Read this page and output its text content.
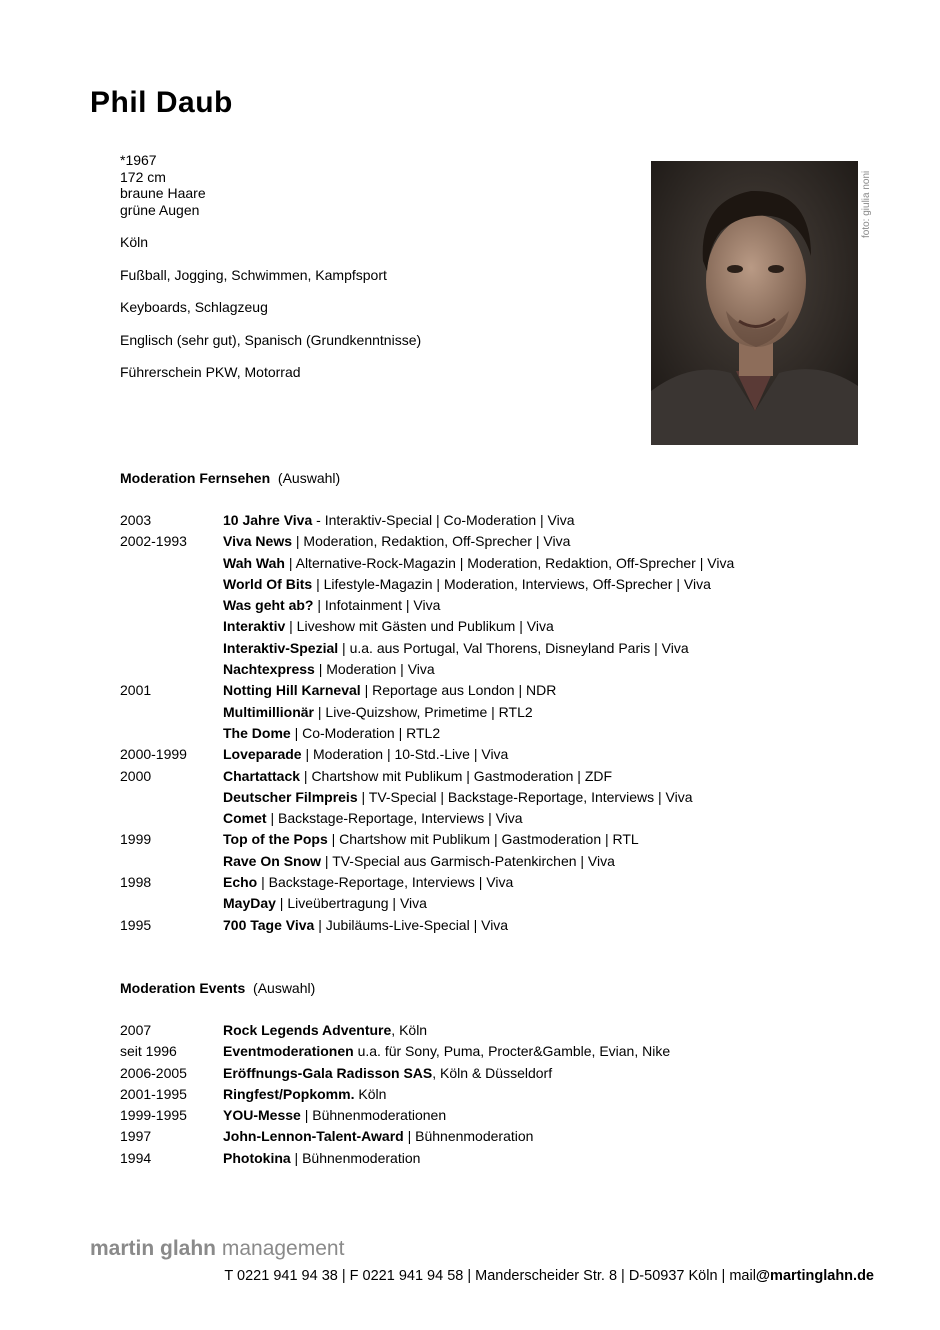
Phil Daub
*1967
172 cm
braune Haare
grüne Augen
Köln
Fußball, Jogging, Schwimmen, Kampfsport
Keyboards, Schlagzeug
Englisch (sehr gut), Spanisch (Grundkenntnisse)
Führerschein PKW, Motorrad
foto: giulia noni
Moderation Fernsehen (Auswahl)
2003	10 Jahre Viva - Interaktiv-Special | Co-Moderation | Viva
2002-1993	Viva News | Moderation, Redaktion, Off-Sprecher | Viva
Wah Wah | Alternative-Rock-Magazin | Moderation, Redaktion, Off-Sprecher | Viva
World Of Bits | Lifestyle-Magazin | Moderation, Interviews, Off-Sprecher | Viva
Was geht ab? | Infotainment | Viva
Interaktiv | Liveshow mit Gästen und Publikum | Viva
Interaktiv-Spezial | u.a. aus Portugal, Val Thorens, Disneyland Paris | Viva
Nachtexpress | Moderation | Viva
2001	Notting Hill Karneval | Reportage aus London | NDR
Multimillionär | Live-Quizshow, Primetime | RTL2
The Dome | Co-Moderation | RTL2
2000-1999	Loveparade | Moderation | 10-Std.-Live | Viva
2000	Chartattack | Chartshow mit Publikum | Gastmoderation | ZDF
Deutscher Filmpreis | TV-Special | Backstage-Reportage, Interviews | Viva
Comet | Backstage-Reportage, Interviews | Viva
1999	Top of the Pops | Chartshow mit Publikum | Gastmoderation | RTL
Rave On Snow | TV-Special aus Garmisch-Patenkirchen | Viva
1998	Echo | Backstage-Reportage, Interviews | Viva
MayDay | Liveübertragung | Viva
1995	700 Tage Viva | Jubiläums-Live-Special | Viva
Moderation Events (Auswahl)
2007	Rock Legends Adventure, Köln
seit 1996	Eventmoderationen u.a. für Sony, Puma, Procter&Gamble, Evian, Nike
2006-2005	Eröffnungs-Gala Radisson SAS, Köln & Düsseldorf
2001-1995	Ringfest/Popkomm. Köln
1999-1995	YOU-Messe | Bühnenmoderationen
1997	John-Lennon-Talent-Award | Bühnenmoderation
1994	Photokina | Bühnenmoderation
martin glahn management
T 0221 941 94 38 | F 0221 941 94 58 | Manderscheider Str. 8 | D-50937 Köln | mail@martinglahn.de
